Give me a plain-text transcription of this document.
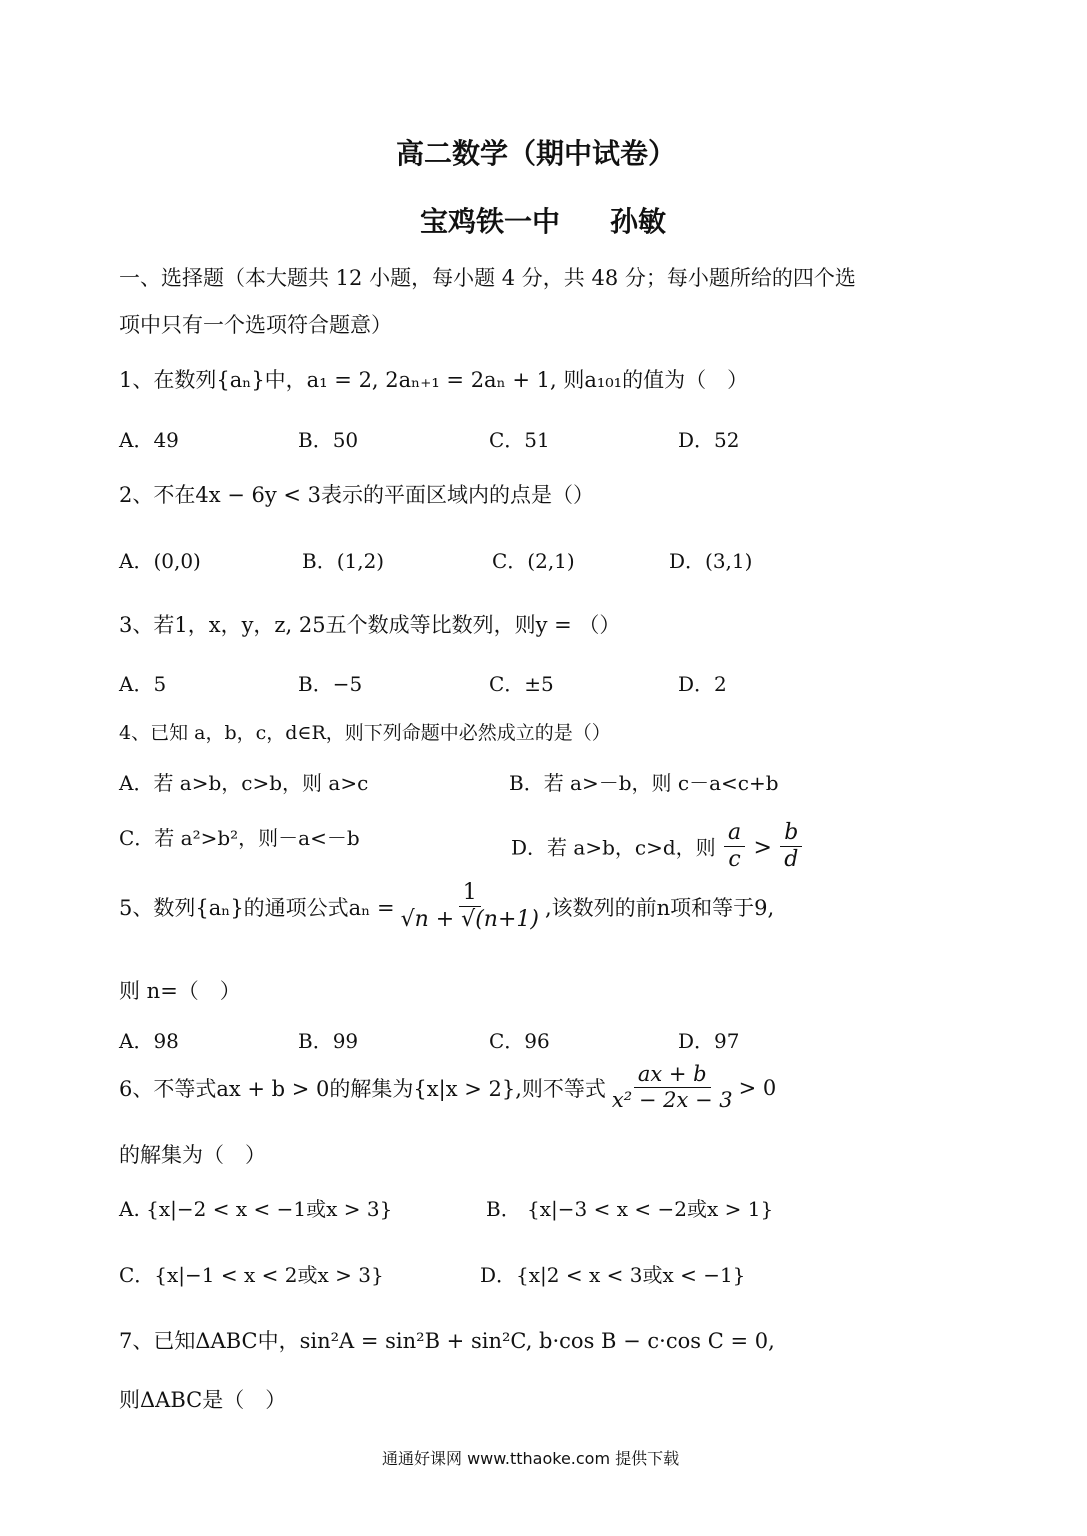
高二数学（期中试卷）
宝鸡铁一中 孙敏
一、选择题（本大题共 12 小题，每小题 4 分，共 48 分；每小题所给的四个选
项中只有一个选项符合题意）
1、在数列{aₙ}中，a₁ = 2, 2aₙ₊₁ = 2aₙ + 1, 则a₁₀₁的值为（　）
A．49	B．50	C．51	D．52
2、不在4x − 6y < 3表示的平面区域内的点是（）
A．(0,0)	B．(1,2)	C．(2,1)	D．(3,1)
3、若1，x，y，z, 25五个数成等比数列，则y = （）
A．5	B．−5	C．±5	D．2
4、已知 a，b，c，d∈R，则下列命题中必然成立的是（）
A．若 a>b，c>b，则 a>c	B．若 a>－b，则 c－a<c+b
C．若 a²>b²，则－a<－b	D．若 a>b，c>d，则 $\frac{a}{c} > \frac{b}{d}$
5、数列{aₙ}的通项公式$a_n = \frac{1}{√n + √(n+1)}$ ,该数列的前n项和等于9,
则 n=（　）
A．98	B．99	C．96	D．97
6、不等式ax + b > 0的解集为{x|x > 2},则不等式 $\frac{ax + b}{\text{x² − 2x − 3}} > 0$
的解集为（　）
A. {x|−2 < x < −1或x > 3}	B． {x|−3 < x < −2或x > 1}
C．{x|−1 < x < 2或x > 3}	D．{x|2 < x < 3或x < −1}
7、已知ΔABC中，sin²A = sin²B + sin²C, b·cos B − c·cos C = 0,
则ΔABC是（　）
通通好课网 www.tthaoke.com 提供下载
